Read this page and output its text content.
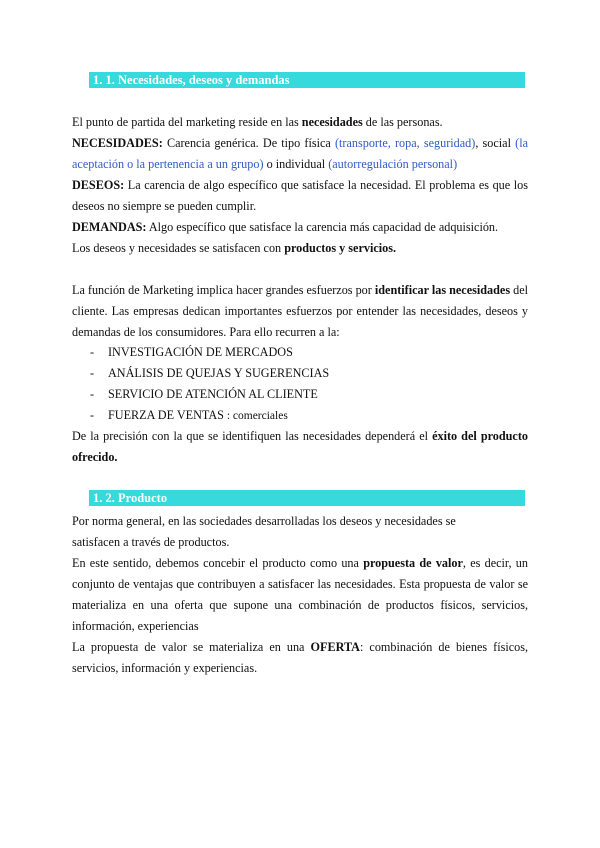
1. 1. Necesidades, deseos y demandas
El punto de partida del marketing reside en las necesidades de las personas.
NECESIDADES: Carencia genérica. De tipo física (transporte, ropa, seguridad), social (la aceptación o la pertenencia a un grupo) o individual (autorregulación personal)
DESEOS: La carencia de algo específico que satisface la necesidad. El problema es que los deseos no siempre se pueden cumplir.
DEMANDAS: Algo específico que satisface la carencia más capacidad de adquisición.
Los deseos y necesidades se satisfacen con productos y servicios.
La función de Marketing implica hacer grandes esfuerzos por identificar las necesidades del cliente. Las empresas dedican importantes esfuerzos por entender las necesidades, deseos y demandas de los consumidores. Para ello recurren a la:
- INVESTIGACIÓN DE MERCADOS
- ANÁLISIS DE QUEJAS Y SUGERENCIAS
- SERVICIO DE ATENCIÓN AL CLIENTE
- FUERZA DE VENTAS : comerciales
De la precisión con la que se identifiquen las necesidades dependerá el éxito del producto ofrecido.
1. 2. Producto
Por norma general, en las sociedades desarrolladas los deseos y necesidades se
satisfacen a través de productos.
En este sentido, debemos concebir el producto como una propuesta de valor, es decir, un conjunto de ventajas que contribuyen a satisfacer las necesidades. Esta propuesta de valor se materializa en una oferta que supone una combinación de productos físicos, servicios, información, experiencias
La propuesta de valor se materializa en una OFERTA: combinación de bienes físicos, servicios, información y experiencias.
